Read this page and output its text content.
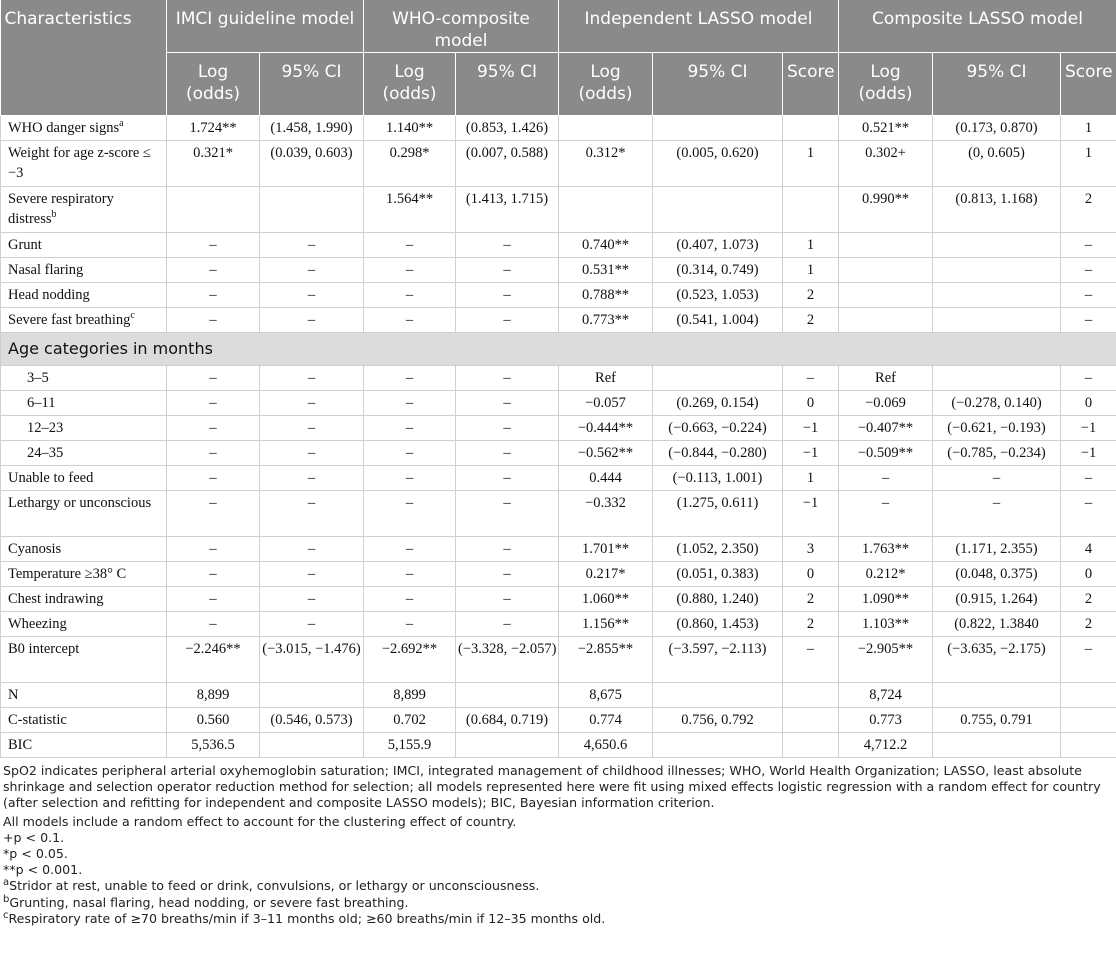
Characteristics	IMCI guideline model		WHO-composite model		Independent LASSO model			Composite LASSO model		
	Log (odds)	95% CI	Log (odds)	95% CI	Log (odds)	95% CI	Score	Log (odds)	95% CI	Score
WHO danger signs$^a$	1.724**	(1.458, 1.990)	1.140**	(0.853, 1.426)				0.521**	(0.173, 0.870)	1
Weight for age z-score ≤ −3	0.321*	(0.039, 0.603)	0.298*	(0.007, 0.588)	0.312*	(0.005, 0.620)	1	0.302+	(0, 0.605)	1
Severe respiratory distress$^b$			1.564**	(1.413, 1.715)				0.990**	(0.813, 1.168)	2
Grunt	–	–	–	–	0.740**	(0.407, 1.073)	1			–
Nasal flaring	–	–	–	–	0.531**	(0.314, 0.749)	1			–
Head nodding	–	–	–	–	0.788**	(0.523, 1.053)	2			–
Severe fast breathing$^c$	–	–	–	–	0.773**	(0.541, 1.004)	2			–
Age categories in months										
3–5	–	–	–	–	Ref		–	Ref		–
6–11	–	–	–	–	−0.057	(0.269, 0.154)	0	−0.069	(−0.278, 0.140)	0
12–23	–	–	–	–	−0.444**	(−0.663, −0.224)	−1	−0.407**	(−0.621, −0.193)	−1
24–35	–	–	–	–	−0.562**	(−0.844, −0.280)	−1	−0.509**	(−0.785, −0.234)	−1
Unable to feed	–	–	–	–	0.444	(−0.113, 1.001)	1	–	–	–
Lethargy or unconscious	–	–	–	–	−0.332	(1.275, 0.611)	−1	–	–	–
Cyanosis	–	–	–	–	1.701**	(1.052, 2.350)	3	1.763**	(1.171, 2.355)	4
Temperature ≥38° C	–	–	–	–	0.217*	(0.051, 0.383)	0	0.212*	(0.048, 0.375)	0
Chest indrawing	–	–	–	–	1.060**	(0.880, 1.240)	2	1.090**	(0.915, 1.264)	2
Wheezing	–	–	–	–	1.156**	(0.860, 1.453)	2	1.103**	(0.822, 1.3840	2
B0 intercept	−2.246**	(−3.015, −1.476)	−2.692**	(−3.328, −2.057)	−2.855**	(−3.597, −2.113)	–	−2.905**	(−3.635, −2.175)	–
N	8,899		8,899		8,675			8,724		
C-statistic	0.560	(0.546, 0.573)	0.702	(0.684, 0.719)	0.774	0.756, 0.792		0.773	0.755, 0.791	
BIC	5,536.5		5,155.9		4,650.6			4,712.2		

SpO2 indicates peripheral arterial oxyhemoglobin saturation; IMCI, integrated management of childhood illnesses; WHO, World Health Organization; LASSO, least absolute shrinkage and selection operator reduction method for selection; all models represented here were fit using mixed effects logistic regression with a random effect for country (after selection and refitting for independent and composite LASSO models); BIC, Bayesian information criterion.

All models include a random effect to account for the clustering effect of country.

+p < 0.1.

*p < 0.05.

**p < 0.001.

$^a$Stridor at rest, unable to feed or drink, convulsions, or lethargy or unconsciousness.

$^b$Grunting, nasal flaring, head nodding, or severe fast breathing.

$^c$Respiratory rate of ≥70 breaths/min if 3–11 months old; ≥60 breaths/min if 12–35 months old.
